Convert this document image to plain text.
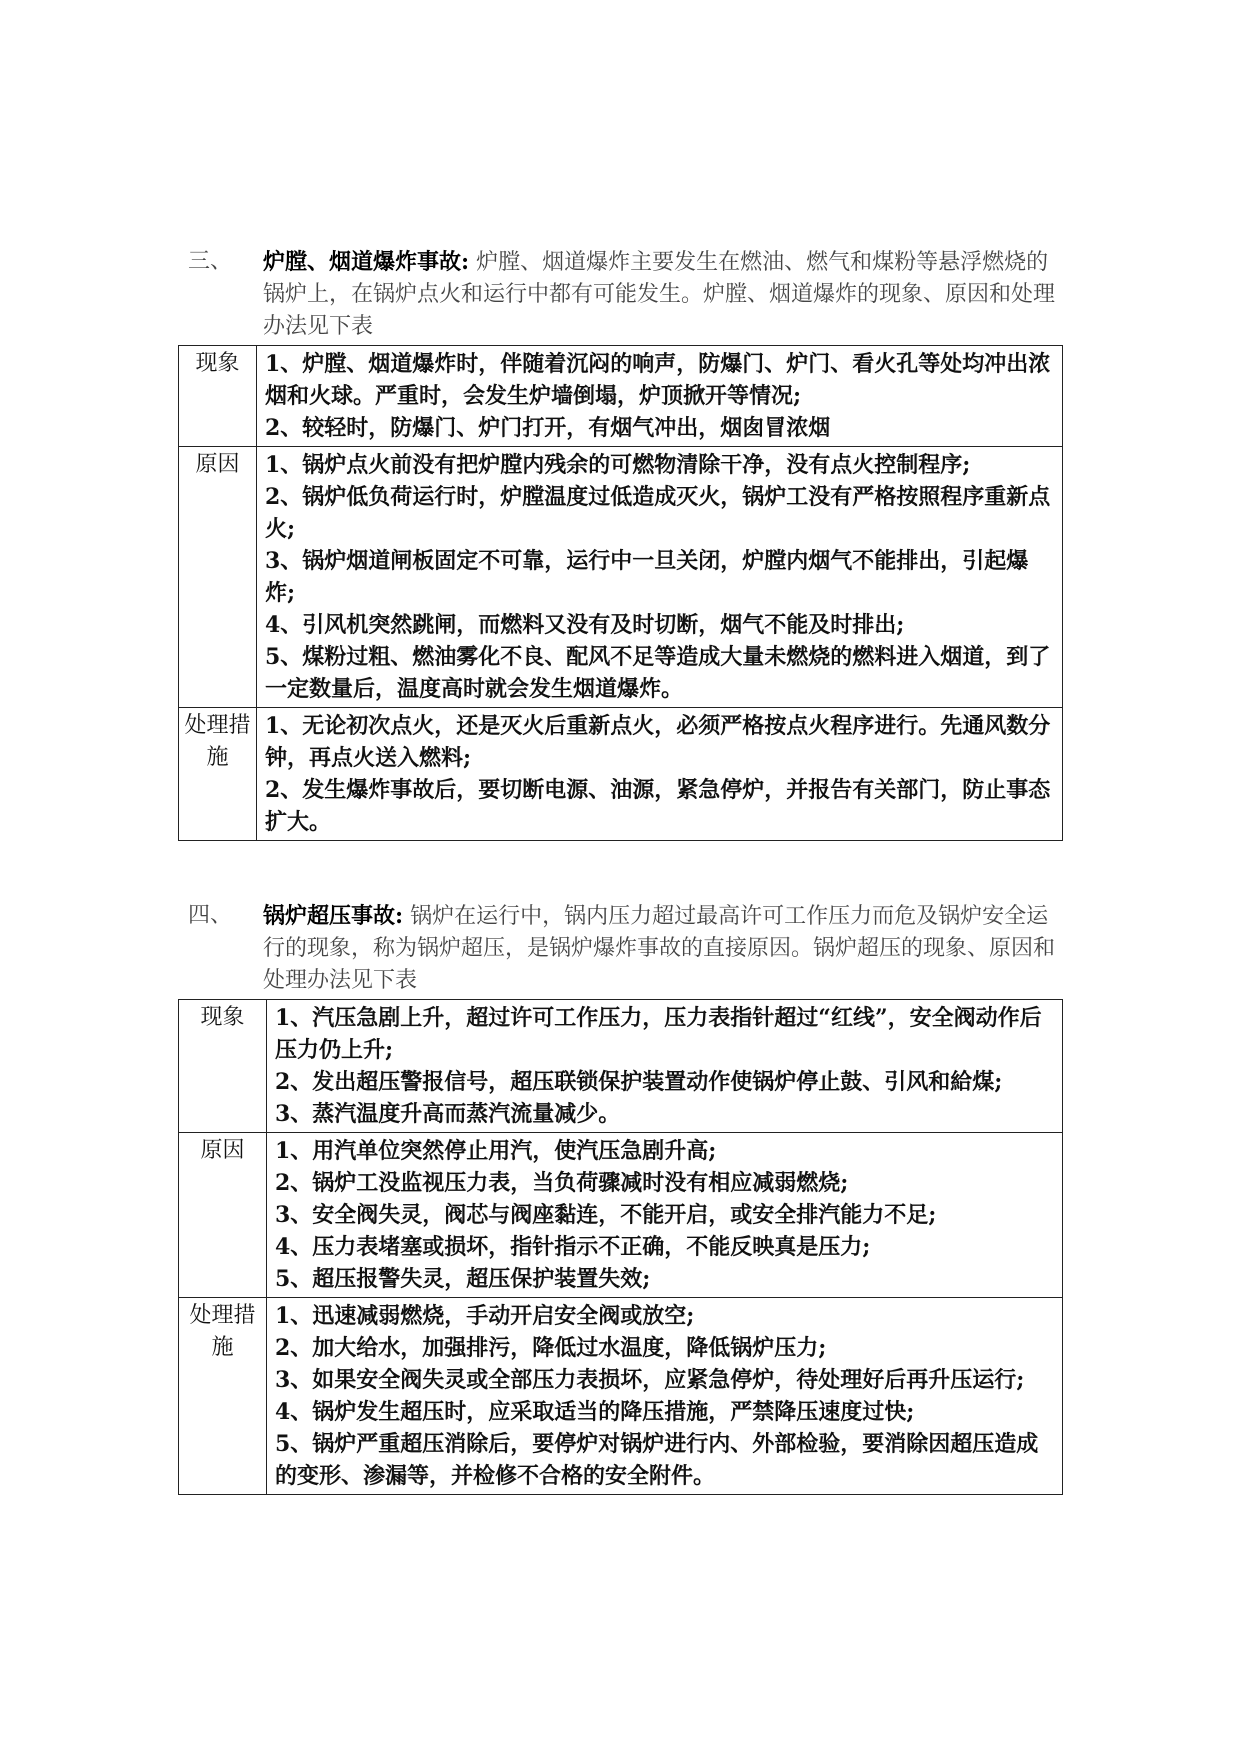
三、 炉膛、烟道爆炸事故: 炉膛、烟道爆炸主要发生在燃油、燃气和煤粉等悬浮燃烧的锅炉上，在锅炉点火和运行中都有可能发生。炉膛、烟道爆炸的现象、原因和处理办法见下表
现象	1、炉膛、烟道爆炸时，伴随着沉闷的响声，防爆门、炉门、看火孔等处均冲出浓烟和火球。严重时，会发生炉墙倒塌，炉顶掀开等情况;
2、较轻时，防爆门、炉门打开，有烟气冲出，烟囱冒浓烟

原因	1、锅炉点火前没有把炉膛内残余的可燃物清除干净，没有点火控制程序;
2、锅炉低负荷运行时，炉膛温度过低造成灭火，锅炉工没有严格按照程序重新点火;
3、锅炉烟道闸板固定不可靠，运行中一旦关闭，炉膛内烟气不能排出，引起爆炸;
4、引风机突然跳闸，而燃料又没有及时切断，烟气不能及时排出;
5、煤粉过粗、燃油雾化不良、配风不足等造成大量未燃烧的燃料进入烟道，到了一定数量后，温度高时就会发生烟道爆炸。

处理措施	1、无论初次点火，还是灭火后重新点火，必须严格按点火程序进行。先通风数分钟，再点火送入燃料;
2、发生爆炸事故后，要切断电源、油源，紧急停炉，并报告有关部门，防止事态扩大。
四、 锅炉超压事故: 锅炉在运行中，锅内压力超过最高许可工作压力而危及锅炉安全运行的现象，称为锅炉超压，是锅炉爆炸事故的直接原因。锅炉超压的现象、原因和处理办法见下表
现象	1、汽压急剧上升，超过许可工作压力，压力表指针超过“红线”，安全阀动作后压力仍上升;
2、发出超压警报信号，超压联锁保护装置动作使锅炉停止鼓、引风和給煤;
3、蒸汽温度升高而蒸汽流量减少。

原因	1、用汽单位突然停止用汽，使汽压急剧升高;
2、锅炉工没监视压力表，当负荷骤减时没有相应减弱燃烧;
3、安全阀失灵，阀芯与阀座黏连，不能开启，或安全排汽能力不足;
4、压力表堵塞或损坏，指针指示不正确，不能反映真是压力;
5、超压报警失灵，超压保护装置失效;

处理措施	1、迅速减弱燃烧，手动开启安全阀或放空;
2、加大给水，加强排污，降低过水温度，降低锅炉压力;
3、如果安全阀失灵或全部压力表损坏，应紧急停炉，待处理好后再升压运行;
4、锅炉发生超压时，应采取适当的降压措施，严禁降压速度过快;
5、锅炉严重超压消除后，要停炉对锅炉进行内、外部检验，要消除因超压造成的变形、渗漏等，并检修不合格的安全附件。
